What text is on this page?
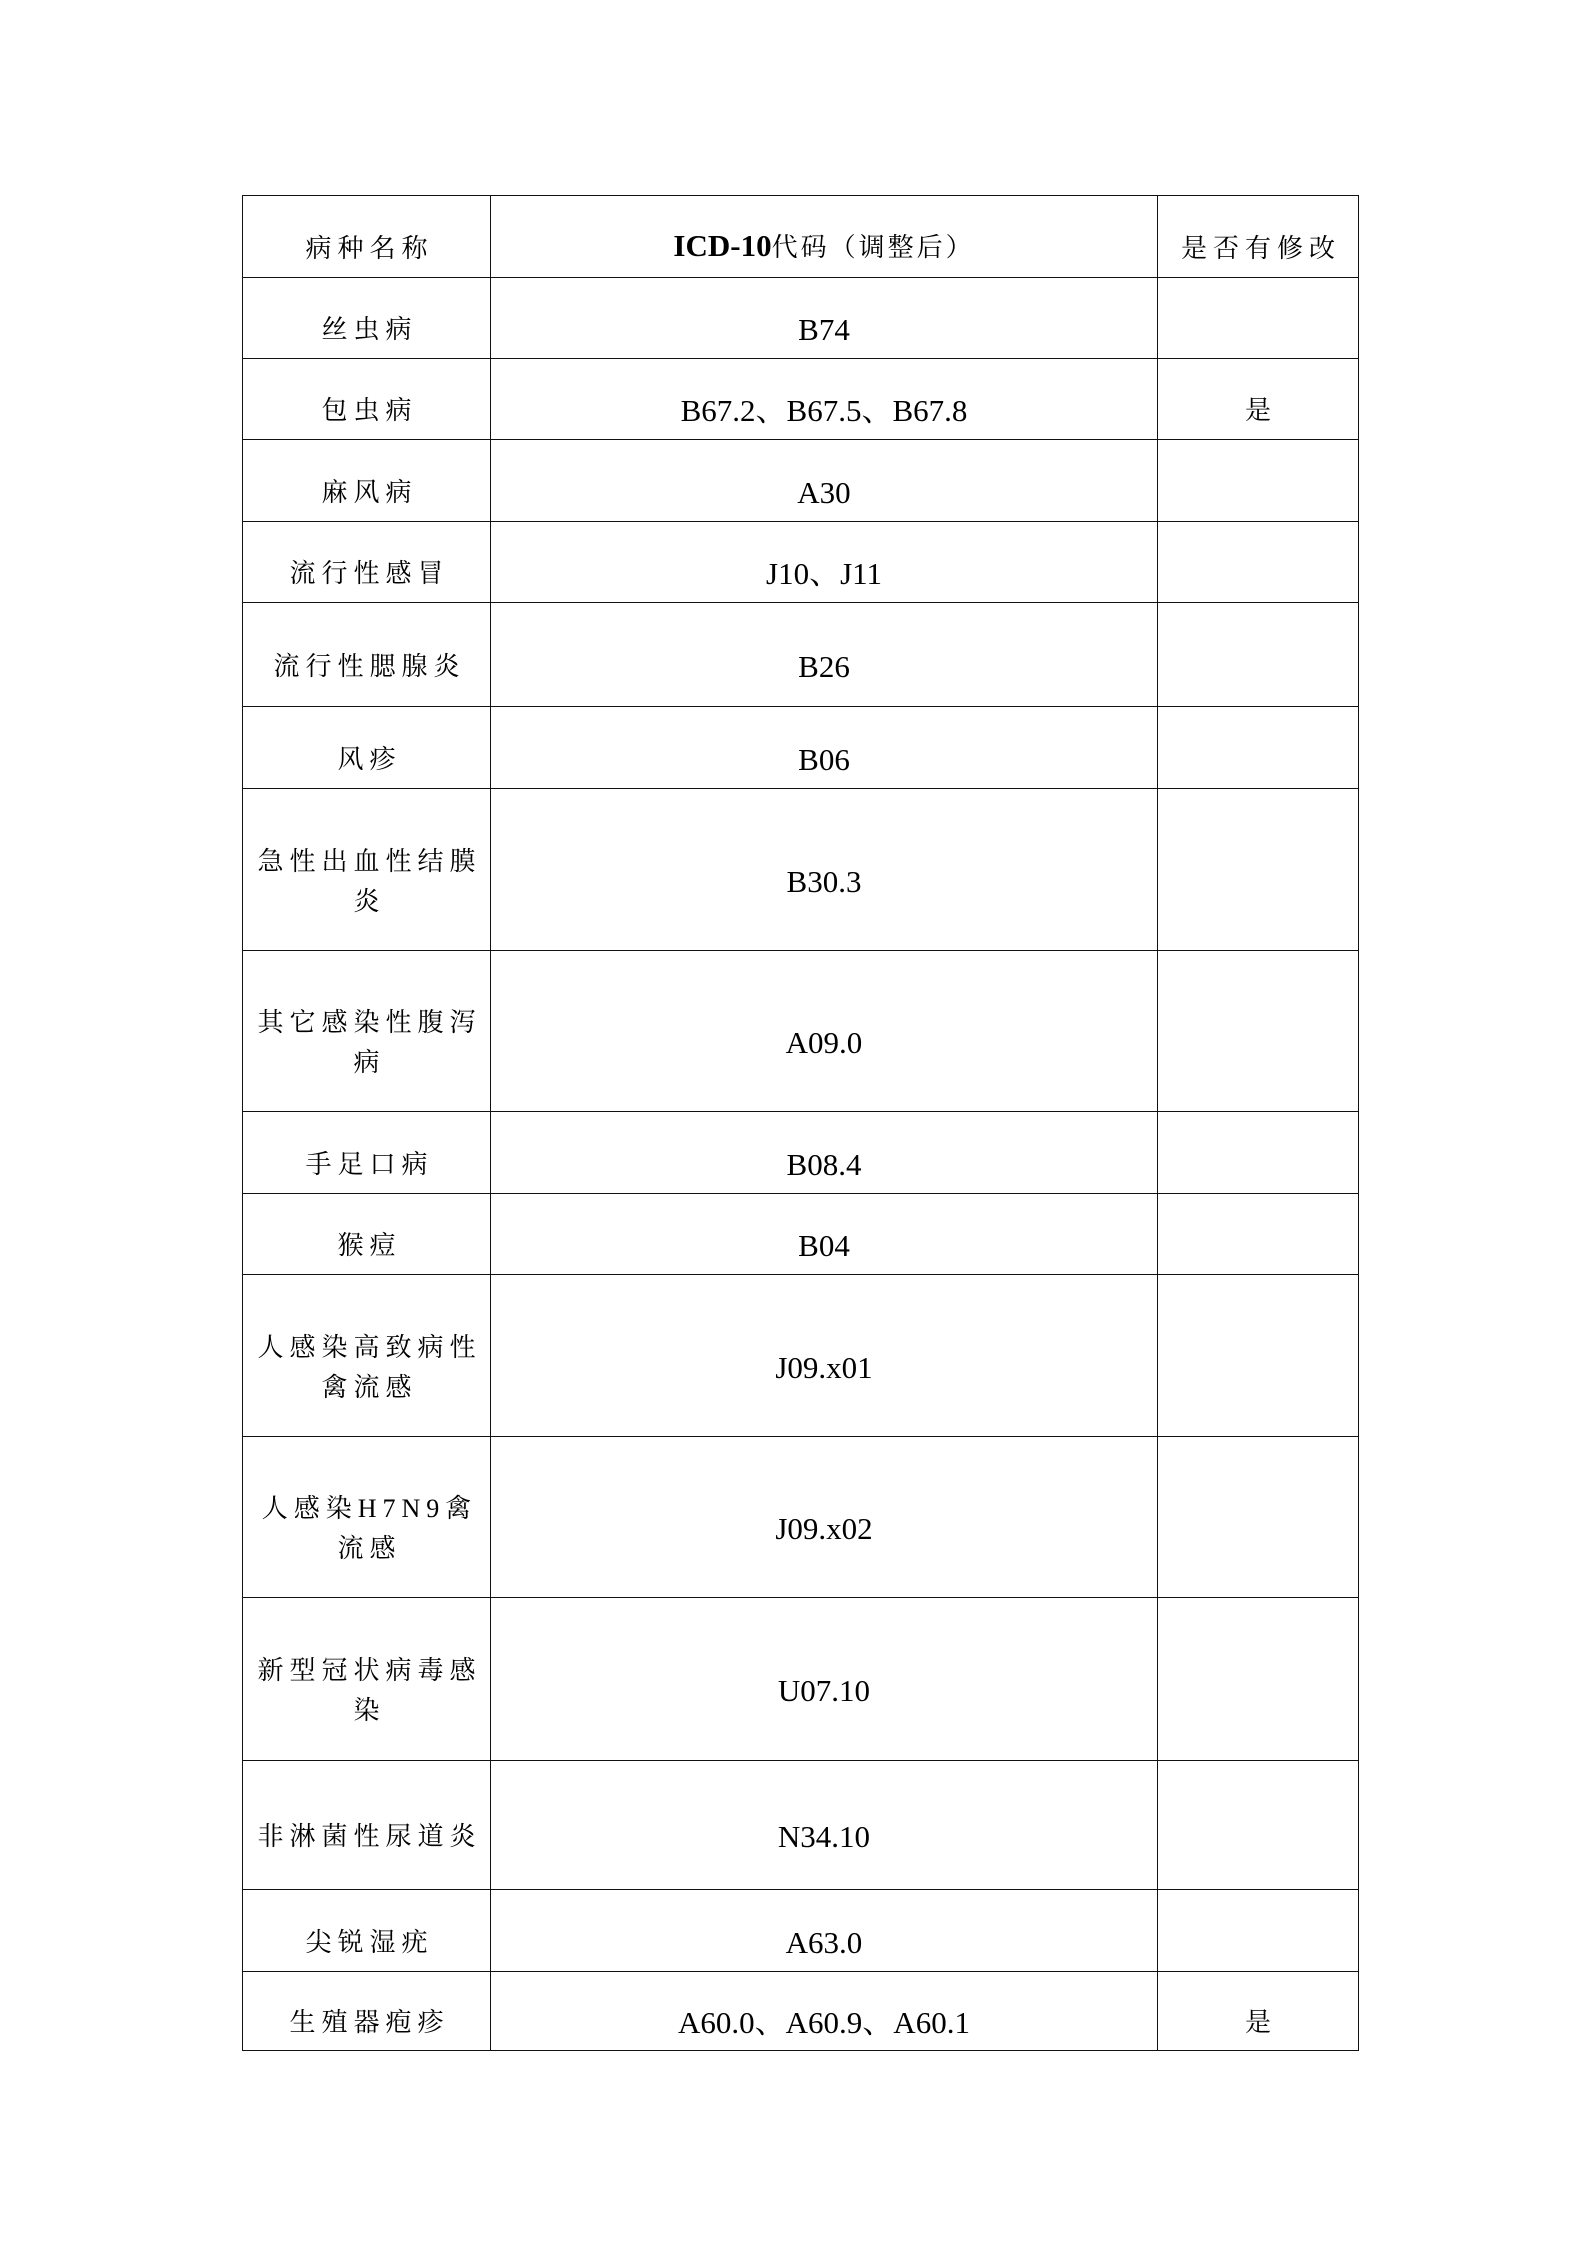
病种名称	ICD-10代码（调整后）	是否有修改

丝虫病	B74	

包虫病	B67.2、B67.5、B67.8	是

麻风病	A30	

流行性感冒	J10、J11	

流行性腮腺炎	B26	

风疹	B06	

急性出血性结膜
炎	B30.3	

其它感染性腹泻
病	A09.0	

手足口病	B08.4	

猴痘	B04	

人感染高致病性
禽流感	J09.x01	

人感染H7N9禽
流感	J09.x02	

新型冠状病毒感
染	U07.10	

非淋菌性尿道炎	N34.10	

尖锐湿疣	A63.0	

生殖器疱疹	A60.0、A60.9、A60.1	是
